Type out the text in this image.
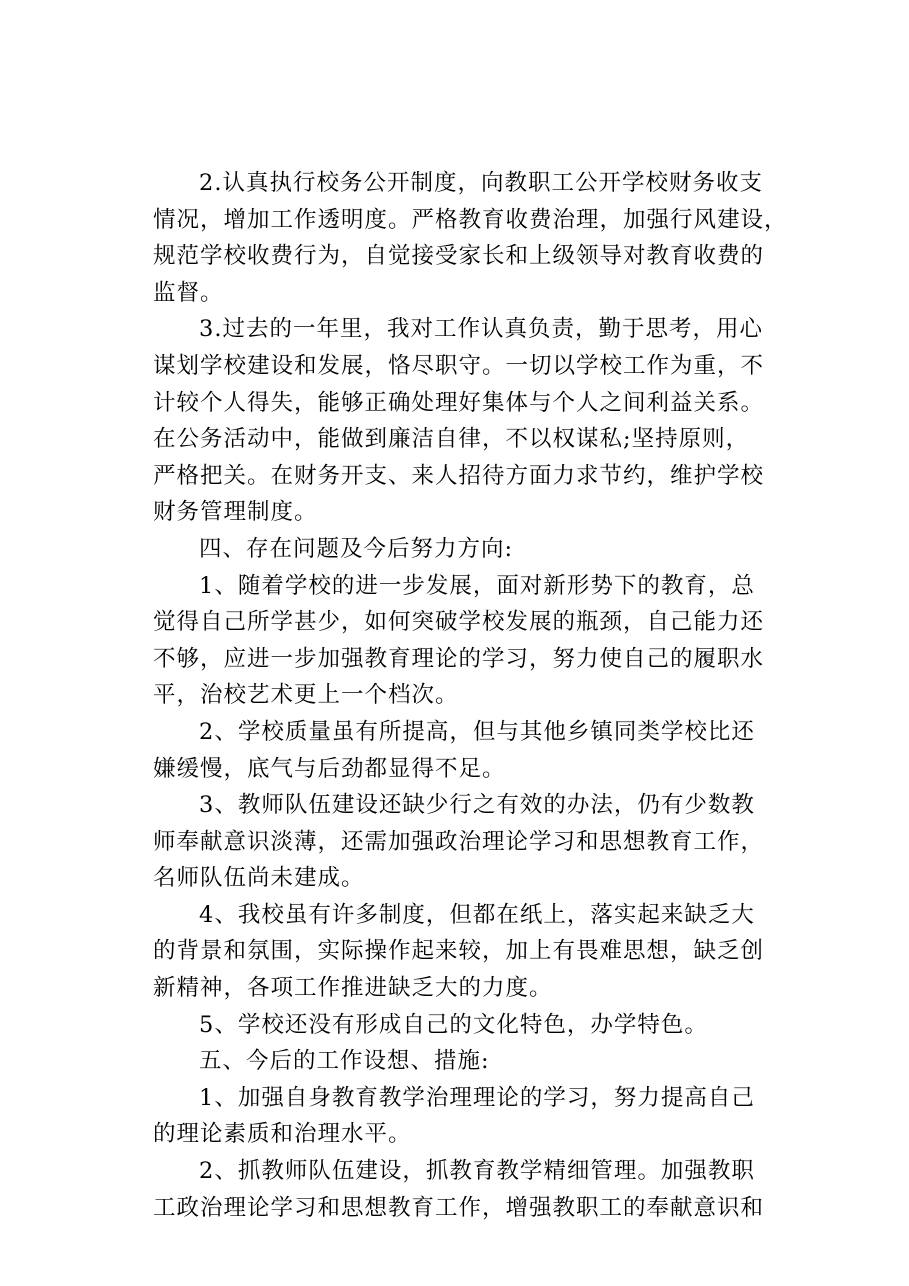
2.认真执行校务公开制度，向教职工公开学校财务收支
情况，增加工作透明度。严格教育收费治理，加强行风建设，
规范学校收费行为，自觉接受家长和上级领导对教育收费的
监督。
3.过去的一年里，我对工作认真负责，勤于思考，用心
谋划学校建设和发展，恪尽职守。一切以学校工作为重，不
计较个人得失，能够正确处理好集体与个人之间利益关系。
在公务活动中，能做到廉洁自律，不以权谋私;坚持原则，
严格把关。在财务开支、来人招待方面力求节约，维护学校
财务管理制度。
四、存在问题及今后努力方向:
1、随着学校的进一步发展，面对新形势下的教育，总
觉得自己所学甚少，如何突破学校发展的瓶颈，自己能力还
不够，应进一步加强教育理论的学习，努力使自己的履职水
平，治校艺术更上一个档次。
2、学校质量虽有所提高，但与其他乡镇同类学校比还
嫌缓慢，底气与后劲都显得不足。
3、教师队伍建设还缺少行之有效的办法，仍有少数教
师奉献意识淡薄，还需加强政治理论学习和思想教育工作，
名师队伍尚未建成。
4、我校虽有许多制度，但都在纸上，落实起来缺乏大
的背景和氛围，实际操作起来较，加上有畏难思想，缺乏创
新精神，各项工作推进缺乏大的力度。
5、学校还没有形成自己的文化特色，办学特色。
五、今后的工作设想、措施:
1、加强自身教育教学治理理论的学习，努力提高自己
的理论素质和治理水平。
2、抓教师队伍建设，抓教育教学精细管理。加强教职
工政治理论学习和思想教育工作，增强教职工的奉献意识和
